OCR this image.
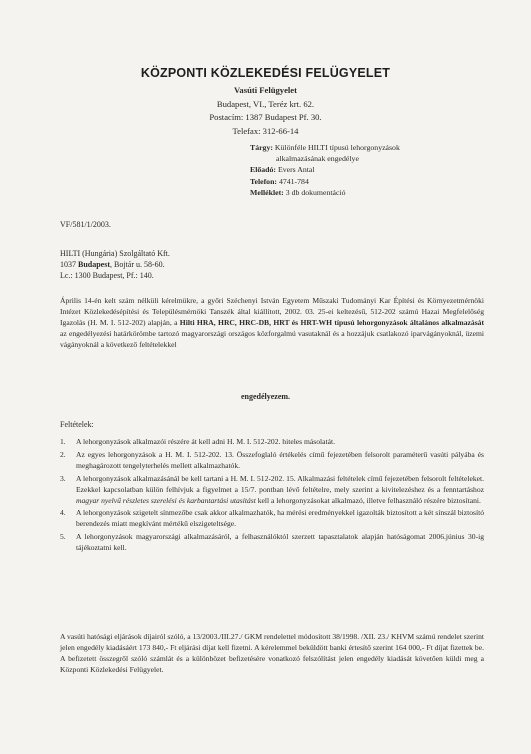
KÖZPONTI KÖZLEKEDÉSI FELÜGYELET
Vasúti Felügyelet
Budapest, VI., Teréz krt. 62.
Postacím: 1387 Budapest Pf. 30.
Telefax: 312-66-14
Tárgy: Különféle HILTI típusú lehorgonyzások
alkalmazásának engedélye
Előadó: Evers Antal
Telefon: 4741-784
Melléklet: 3 db dokumentáció
VF/581/1/2003.
HILTI (Hungária) Szolgáltató Kft.
1037 Budapest, Bojtár u. 58-60.
Lc.: 1300 Budapest, Pf.: 140.
Április 14-én kelt szám nélküli kérelmükre, a győri Széchenyi István Egyetem Műszaki Tudományi Kar Építési és Környezetmérnöki Intézet Közlekedésépítési és Településmérnöki Tanszék által kiállított, 2002. 03. 25-ei keltezésű, 512-202 számú Hazai Megfelelőség Igazolás (H. M. I. 512-202) alapján, a Hilti HRA, HRC, HRC-DB, HRT és HRT-WH típusú lehorgonyzások általános alkalmazását az engedélyezési határkörömbe tartozó magyarországi országos közforgalmú vasutaknál és a hozzájuk csatlakozó iparvágányoknál, üzemi vágányoknál a következő feltételekkel
engedélyezem.
Feltételek:
1.	A lehorgonyzások alkalmazói részére át kell adni H. M. I. 512-202. hiteles másolatát.
2.	Az egyes lehorgonyzások a H. M. I. 512-202. 13. Összefoglaló értékelés című fejezetében felsorolt paraméterű vasúti pályába és meghagározott tengelyterhelés mellett alkalmazhatók.
3.	A lehorgonyzások alkalmazásánál be kell tartani a H. M. I. 512-202. 15. Alkalmazási feltételek című fejezetében felsorolt feltételeket. Ezekkel kapcsolatban külön felhívjuk a figyelmet a 15/7. pontban lévő feltételre, mely szerint a kivitelezéshez és a fenntartáshoz magyar nyelvű részletes szerelési és karbantartási utasítást kell a lehorgonyzásokat alkalmazó, illetve felhasználó részére biztosítani.
4.	A lehorgonyzások szigetelt sínmezőbe csak akkor alkalmazhatók, ha mérési eredményekkel igazolták biztosított a két sínszál biztosító berendezés miatt megkívánt mértékű elszigeteltsége.
5.	A lehorgonyzások magyarországi alkalmazásáról, a felhasználóktól szerzett tapasztalatok alapján hatóságomat 2006.június 30-ig tájékoztatni kell.
A vasúti hatósági eljárások díjairól szóló, a 13/2003./III.27./ GKM rendelettel módosított 38/1998. /XII. 23./ KHVM számú rendelet szerint jelen engedély kiadásáért 173 840,- Ft eljárási díjat kell fizetni. A kérelemmel beküldött banki értesítő szerint 164 000,- Ft díjat fizettek be. A befizetett összegről szóló számlát és a különbözet befizetésére vonatkozó felszólítást jelen engedély kiadását követően küldi meg a Központi Közlekedési Felügyelet.
